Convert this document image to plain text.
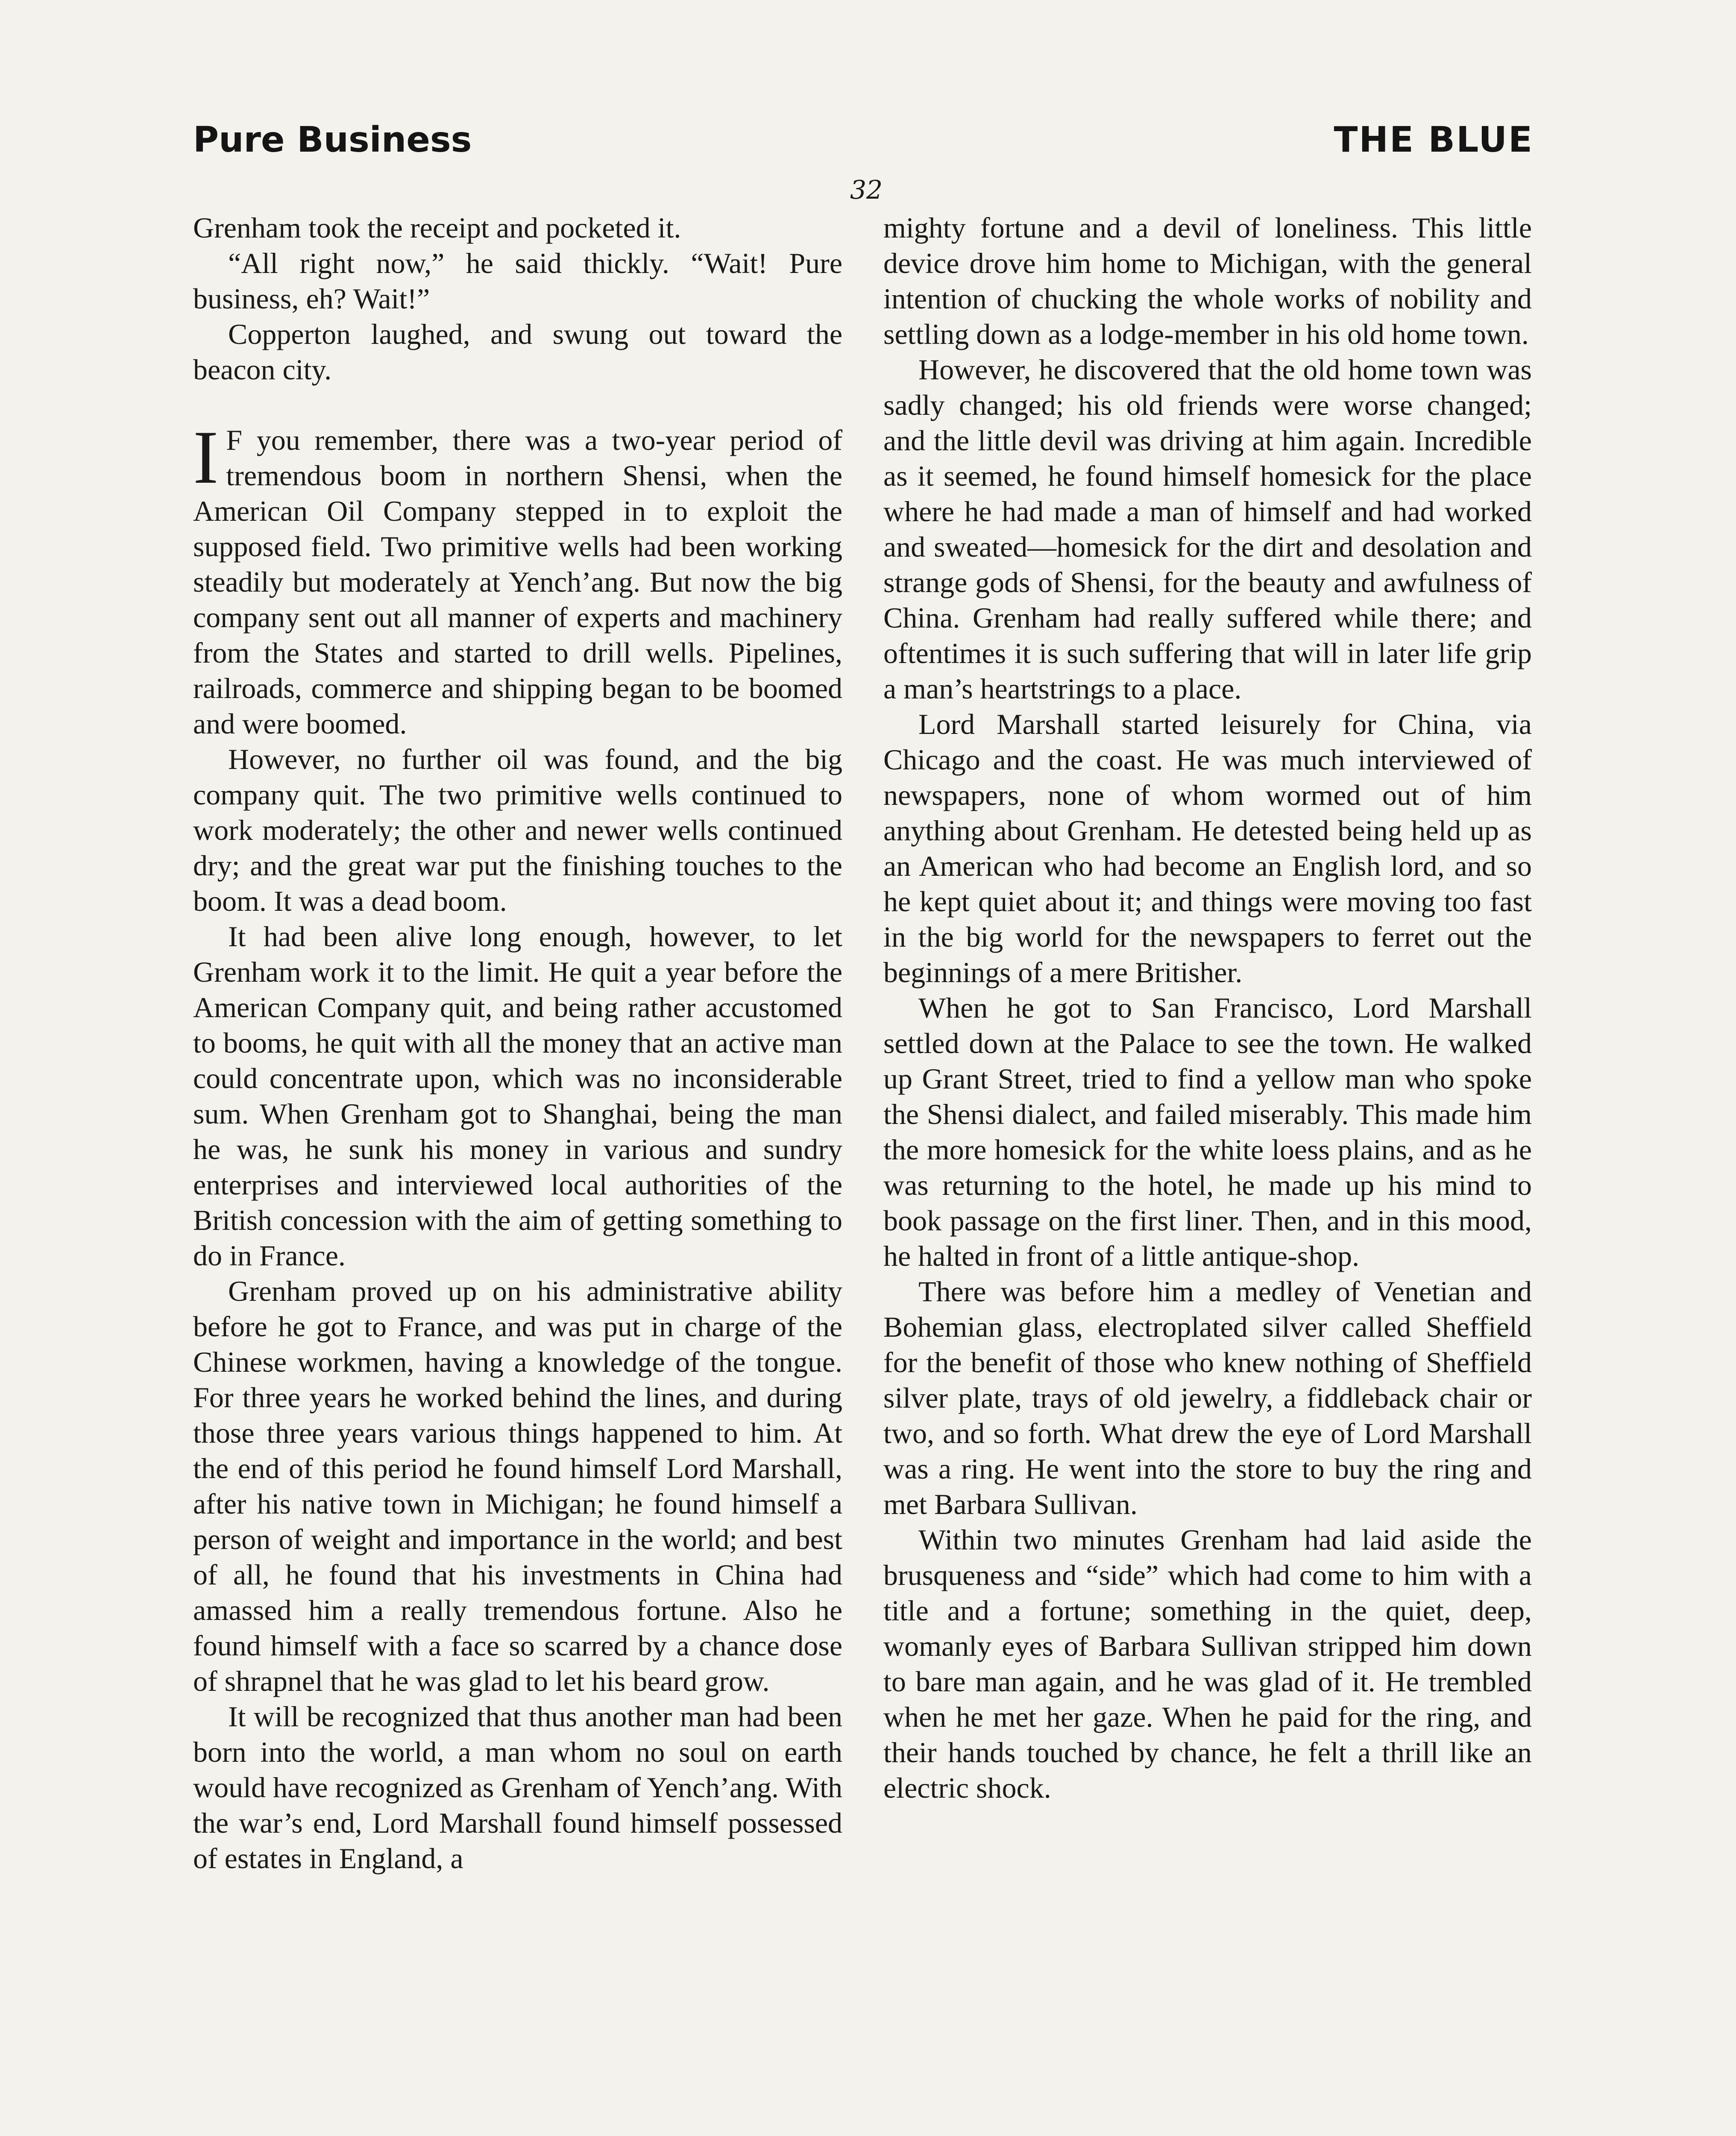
Pure Business	THE BLUE
32

Grenham took the receipt and pocketed it.

“All right now,” he said thickly. “Wait! Pure business, eh? Wait!”

Copperton laughed, and swung out toward the beacon city.

I F you remember, there was a two-year period of tremendous boom in northern Shensi, when the American Oil Company stepped in to exploit the supposed field. Two primitive wells had been working steadily but moderately at Yench’ang. But now the big company sent out all manner of experts and machinery from the States and started to drill wells. Pipelines, railroads, commerce and shipping began to be boomed and were boomed.

However, no further oil was found, and the big company quit. The two primitive wells continued to work moderately; the other and newer wells continued dry; and the great war put the finishing touches to the boom. It was a dead boom.

It had been alive long enough, however, to let Grenham work it to the limit. He quit a year before the American Company quit, and being rather accustomed to booms, he quit with all the money that an active man could concentrate upon, which was no inconsiderable sum. When Grenham got to Shanghai, being the man he was, he sunk his money in various and sundry enterprises and interviewed local authorities of the British concession with the aim of getting something to do in France.

Grenham proved up on his administrative ability before he got to France, and was put in charge of the Chinese workmen, having a knowledge of the tongue. For three years he worked behind the lines, and during those three years various things happened to him. At the end of this period he found himself Lord Marshall, after his native town in Michigan; he found himself a person of weight and importance in the world; and best of all, he found that his investments in China had amassed him a really tremendous fortune. Also he found himself with a face so scarred by a chance dose of shrapnel that he was glad to let his beard grow.

It will be recognized that thus another man had been born into the world, a man whom no soul on earth would have recognized as Grenham of Yench’ang. With the war’s end, Lord Marshall found himself possessed of estates in England, a

mighty fortune and a devil of loneliness. This little device drove him home to Michigan, with the general intention of chucking the whole works of nobility and settling down as a lodge-member in his old home town.

However, he discovered that the old home town was sadly changed; his old friends were worse changed; and the little devil was driving at him again. Incredible as it seemed, he found himself homesick for the place where he had made a man of himself and had worked and sweated—homesick for the dirt and desolation and strange gods of Shensi, for the beauty and awfulness of China. Grenham had really suffered while there; and oftentimes it is such suffering that will in later life grip a man’s heartstrings to a place.

Lord Marshall started leisurely for China, via Chicago and the coast. He was much interviewed of newspapers, none of whom wormed out of him anything about Grenham. He detested being held up as an American who had become an English lord, and so he kept quiet about it; and things were moving too fast in the big world for the newspapers to ferret out the beginnings of a mere Britisher.

When he got to San Francisco, Lord Marshall settled down at the Palace to see the town. He walked up Grant Street, tried to find a yellow man who spoke the Shensi dialect, and failed miserably. This made him the more homesick for the white loess plains, and as he was returning to the hotel, he made up his mind to book passage on the first liner. Then, and in this mood, he halted in front of a little antique-shop.

There was before him a medley of Venetian and Bohemian glass, electroplated silver called Sheffield for the benefit of those who knew nothing of Sheffield silver plate, trays of old jewelry, a fiddleback chair or two, and so forth. What drew the eye of Lord Marshall was a ring. He went into the store to buy the ring and met Barbara Sullivan.

Within two minutes Grenham had laid aside the brusqueness and “side” which had come to him with a title and a fortune; something in the quiet, deep, womanly eyes of Barbara Sullivan stripped him down to bare man again, and he was glad of it. He trembled when he met her gaze. When he paid for the ring, and their hands touched by chance, he felt a thrill like an electric shock.
